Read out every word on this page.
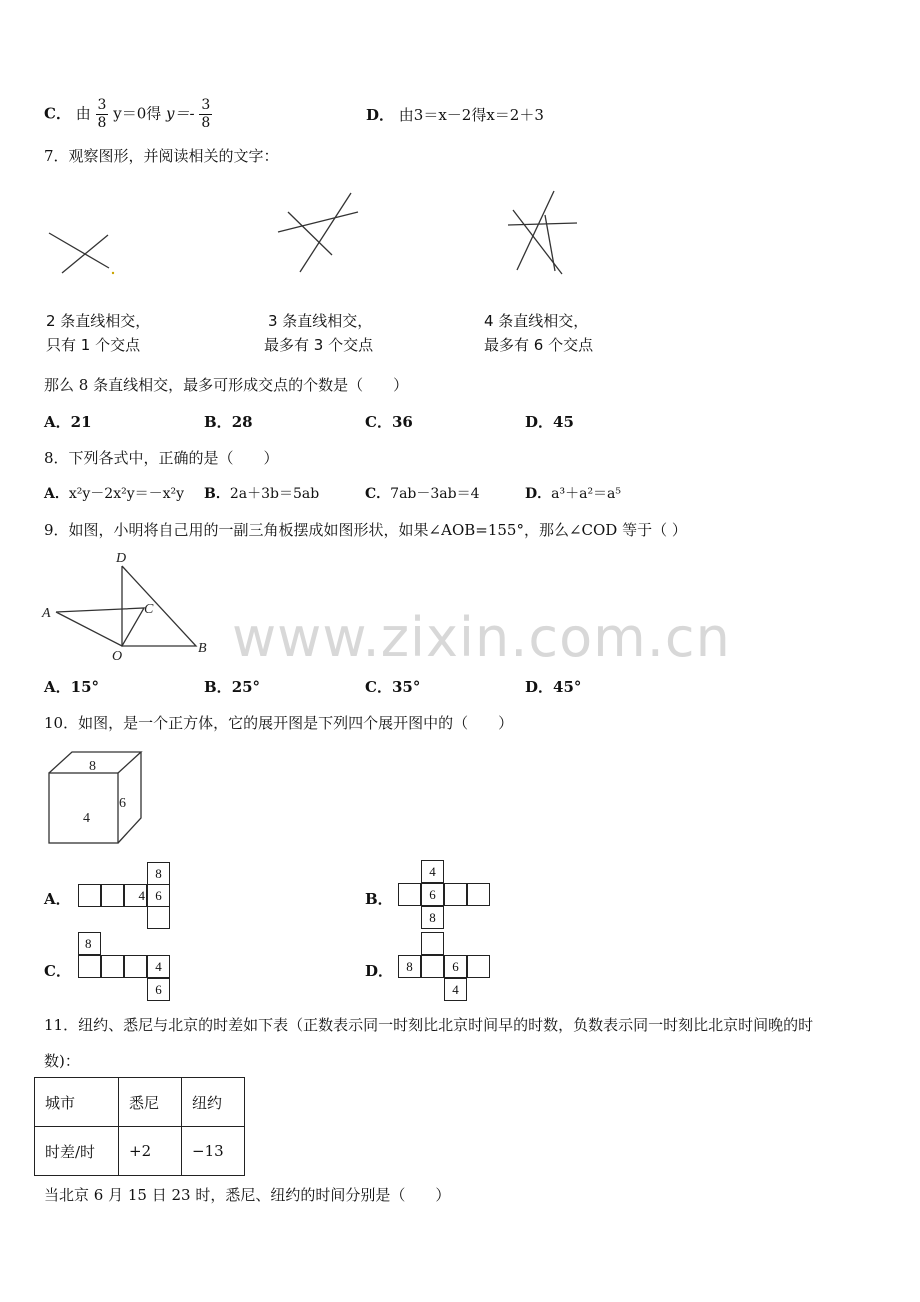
C． 由 $\frac{3}{8} y=0$得 $y=- \frac{3}{8}$	D． 由3＝x－2得x＝2＋3
7．观察图形，并阅读相关的文字：
2 条直线相交，
只有 1 个交点
3 条直线相交，
最多有 3 个交点
4 条直线相交，
最多有 6 个交点
那么 8 条直线相交，最多可形成交点的个数是（　　）
A．21	B．28	C．36	D．45
8．下列各式中，正确的是（　　）
A．x²y－2x²y＝－x²y B．2a＋3b＝5ab	C．7ab－3ab＝4	D．a³＋a²＝a⁵
9．如图，小明将自己用的一副三角板摆成如图形状，如果∠AOB=155°，那么∠COD 等于（ ）
D
A	C
O
B www.zixin.com.cn
A．15°	B．25°	C．35°	D．45°
10．如图，是一个正方体，它的展开图是下列四个展开图中的（　　）
8
4
6
A．
8
4 6	B．
4
6
8
C．
8
4
6
D．	8	6
4
11．纽约、悉尼与北京的时差如下表（正数表示同一时刻比北京时间早的时数，负数表示同一时刻比北京时间晚的时
数)：
城市	悉尼	纽约
时差/时	+2	−13
当北京 6 月 15 日 23 时，悉尼、纽约的时间分别是（　　）
